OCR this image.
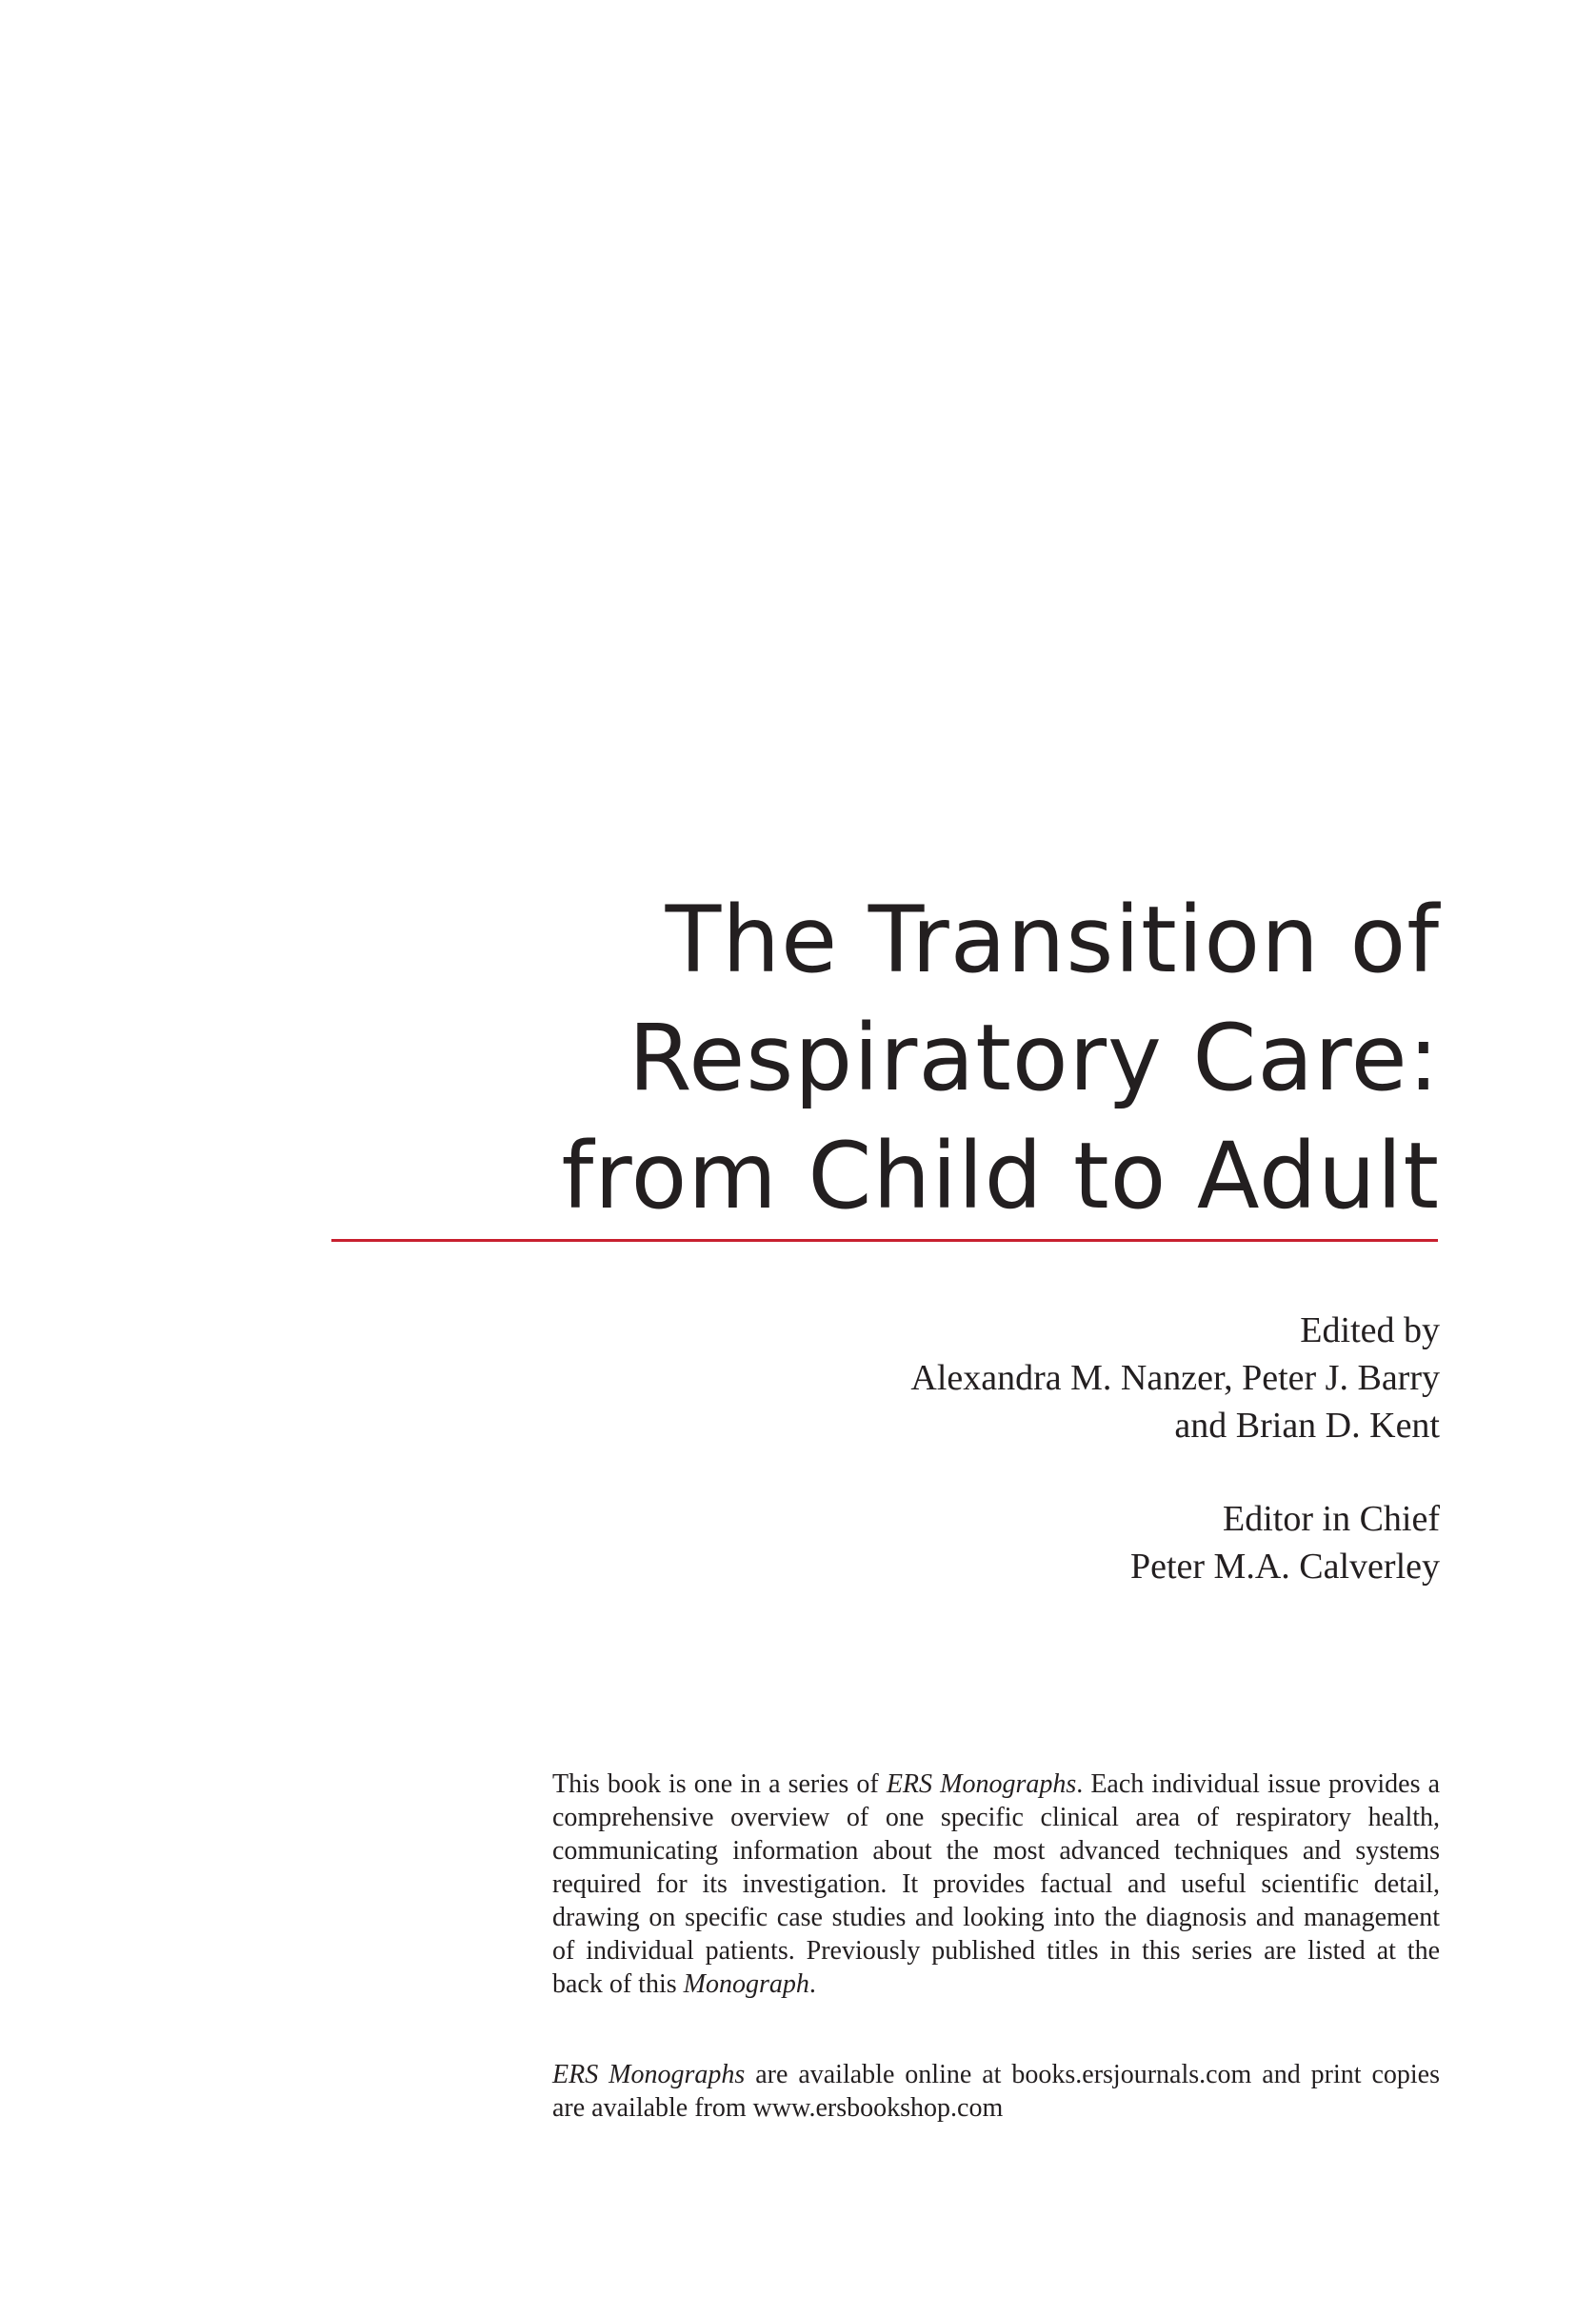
The Transition of
Respiratory Care:
from Child to Adult
Edited by
Alexandra M. Nanzer, Peter J. Barry
and Brian D. Kent
Editor in Chief
Peter M.A. Calverley

This book is one in a series of ERS Monographs. Each individual issue provides a comprehensive overview of one specific clinical area of respiratory health, communicating information about the most advanced techniques and systems required for its investigation. It provides factual and useful scientific detail, drawing on specific case studies and looking into the diagnosis and management of individual patients. Previously published titles in this series are listed at the back of this Monograph.

ERS Monographs are available online at books.ersjournals.com and print copies are available from www.ersbookshop.com
